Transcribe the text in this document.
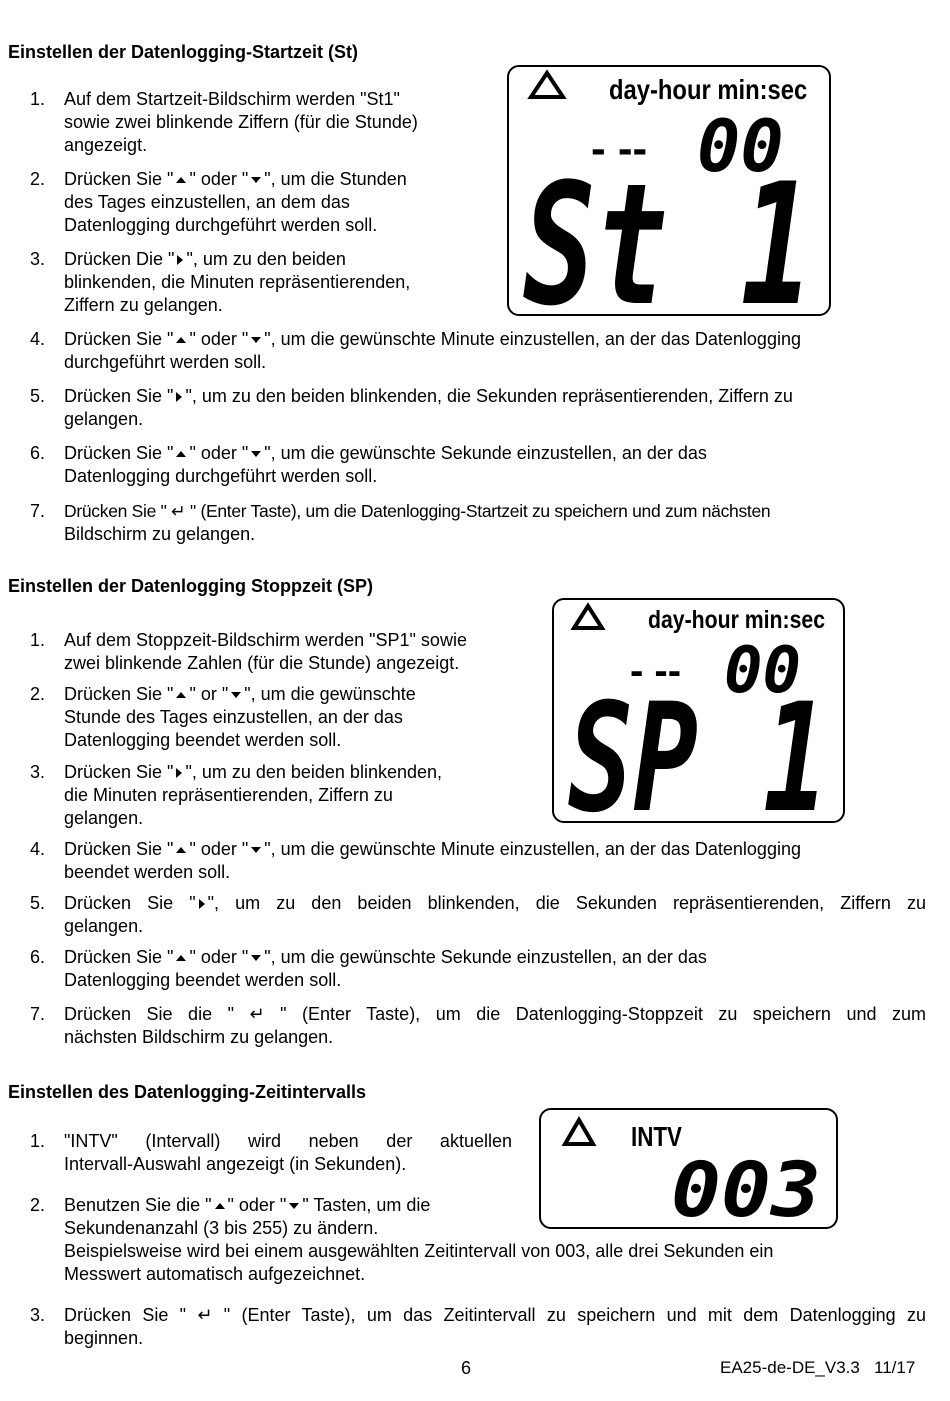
Einstellen der Datenlogging-Startzeit (St)
day-hour min:sec
- -- 00
St 1
1. Auf dem Startzeit-Bildschirm werden "St1"
sowie zwei blinkende Ziffern (für die Stunde)
angezeigt.
2. Drücken Sie " " oder " ", um die Stunden
des Tages einzustellen, an dem das
Datenlogging durchgeführt werden soll.
3. Drücken Die " ", um zu den beiden
blinkenden, die Minuten repräsentierenden,
Ziffern zu gelangen.
4. Drücken Sie " " oder " ", um die gewünschte Minute einzustellen, an der das Datenlogging
durchgeführt werden soll.
5. Drücken Sie " ", um zu den beiden blinkenden, die Sekunden repräsentierenden, Ziffern zu
gelangen.
6. Drücken Sie " " oder " ", um die gewünschte Sekunde einzustellen, an der das
Datenlogging durchgeführt werden soll.
7. Drücken Sie " ↵ " (Enter Taste), um die Datenlogging-Startzeit zu speichern und zum nächsten
Bildschirm zu gelangen.
Einstellen der Datenlogging Stoppzeit (SP)
day-hour min:sec
- -- 00
SP 1
1. Auf dem Stoppzeit-Bildschirm werden "SP1" sowie
zwei blinkende Zahlen (für die Stunde) angezeigt.
2. Drücken Sie " " or " ", um die gewünschte
Stunde des Tages einzustellen, an der das
Datenlogging beendet werden soll.
3. Drücken Sie " ", um zu den beiden blinkenden,
die Minuten repräsentierenden, Ziffern zu
gelangen.
4. Drücken Sie " " oder " ", um die gewünschte Minute einzustellen, an der das Datenlogging
beendet werden soll.
5. Drücken Sie " ", um zu den beiden blinkenden, die Sekunden repräsentierenden, Ziffern zu
gelangen.
6. Drücken Sie " " oder " ", um die gewünschte Sekunde einzustellen, an der das
Datenlogging beendet werden soll.
7. Drücken Sie die " ↵ " (Enter Taste), um die Datenlogging-Stoppzeit zu speichern und zum
nächsten Bildschirm zu gelangen.
Einstellen des Datenlogging-Zeitintervalls
INTV
003
1. "INTV" (Intervall) wird neben der aktuellen
Intervall-Auswahl angezeigt (in Sekunden).
2. Benutzen Sie die " " oder " " Tasten, um die
Sekundenanzahl (3 bis 255) zu ändern.
Beispielsweise wird bei einem ausgewählten Zeitintervall von 003, alle drei Sekunden ein
Messwert automatisch aufgezeichnet.
3. Drücken Sie " ↵ " (Enter Taste), um das Zeitintervall zu speichern und mit dem Datenlogging zu
beginnen.
6	EA25-de-DE_V3.3   11/17
